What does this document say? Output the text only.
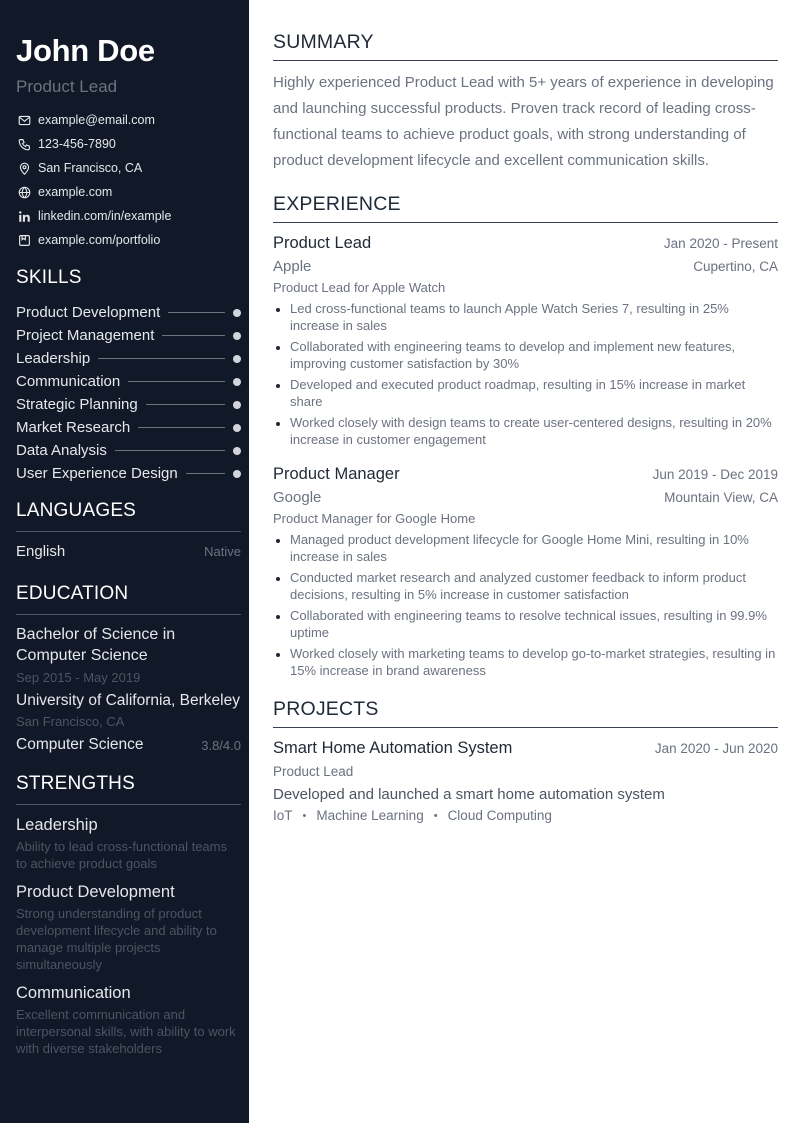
John Doe
Product Lead
example@email.com
123-456-7890
San Francisco, CA
example.com
linkedin.com/in/example
example.com/portfolio
SKILLS
Product Development
Project Management
Leadership
Communication
Strategic Planning
Market Research
Data Analysis
User Experience Design
LANGUAGES
English	Native
EDUCATION
Bachelor of Science in Computer Science
Sep 2015 - May 2019
University of California, Berkeley
San Francisco, CA
Computer Science	3.8/4.0
STRENGTHS
Leadership
Ability to lead cross-functional teams to achieve product goals
Product Development
Strong understanding of product development lifecycle and ability to manage multiple projects simultaneously
Communication
Excellent communication and interpersonal skills, with ability to work with diverse stakeholders
SUMMARY

Highly experienced Product Lead with 5+ years of experience in developing and launching successful products. Proven track record of leading cross-functional teams to achieve product goals, with strong understanding of product development lifecycle and excellent communication skills.

EXPERIENCE
Product Lead	Jan 2020 - Present
Apple	Cupertino, CA
Product Lead for Apple Watch
Led cross-functional teams to launch Apple Watch Series 7, resulting in 25% increase in sales
Collaborated with engineering teams to develop and implement new features, improving customer satisfaction by 30%
Developed and executed product roadmap, resulting in 15% increase in market share
Worked closely with design teams to create user-centered designs, resulting in 20% increase in customer engagement
Product Manager	Jun 2019 - Dec 2019
Google	Mountain View, CA
Product Manager for Google Home
Managed product development lifecycle for Google Home Mini, resulting in 10% increase in sales
Conducted market research and analyzed customer feedback to inform product decisions, resulting in 5% increase in customer satisfaction
Collaborated with engineering teams to resolve technical issues, resulting in 99.9% uptime
Worked closely with marketing teams to develop go-to-market strategies, resulting in 15% increase in brand awareness
PROJECTS
Smart Home Automation System	Jan 2020 - Jun 2020
Product Lead
Developed and launched a smart home automation system
IoT • Machine Learning • Cloud Computing
